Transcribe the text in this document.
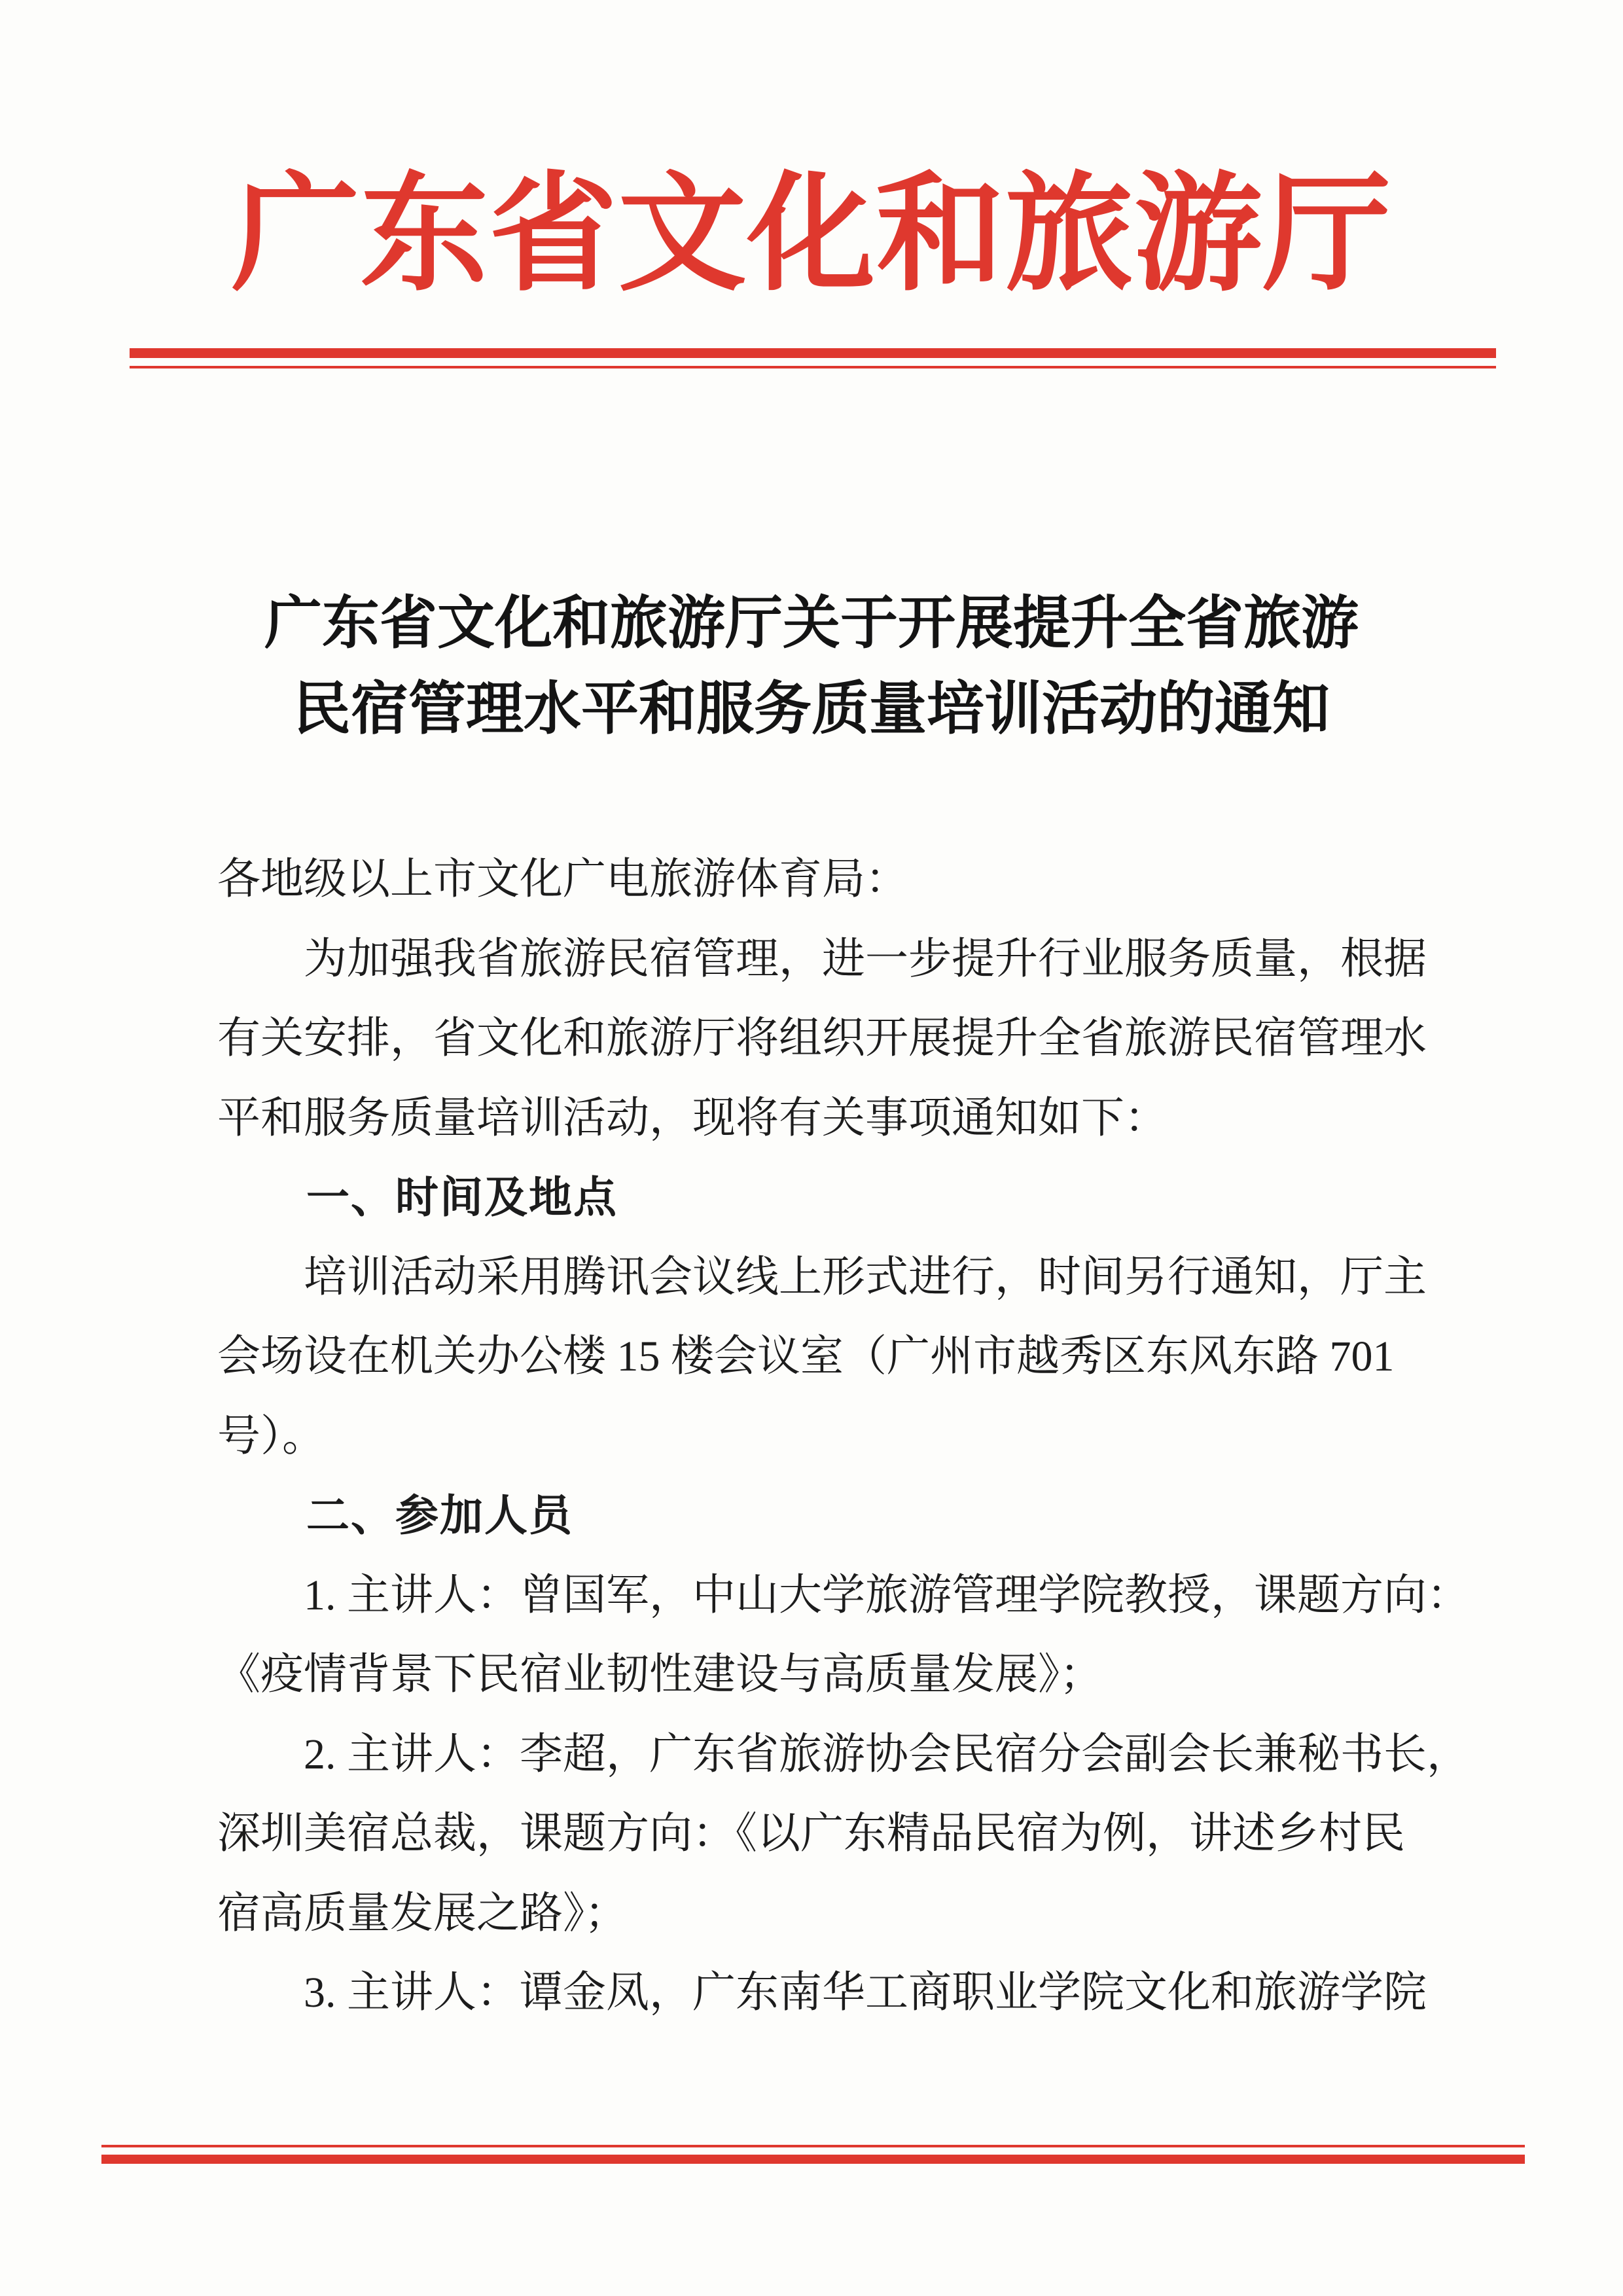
广东省文化和旅游厅
广东省文化和旅游厅关于开展提升全省旅游
民宿管理水平和服务质量培训活动的通知
各地级以上市文化广电旅游体育局：
　　为加强我省旅游民宿管理，进一步提升行业服务质量，根据
有关安排，省文化和旅游厅将组织开展提升全省旅游民宿管理水
平和服务质量培训活动，现将有关事项通知如下：
　　一、时间及地点
　　培训活动采用腾讯会议线上形式进行，时间另行通知，厅主
会场设在机关办公楼 15 楼会议室（广州市越秀区东风东路 701
号）。
　　二、参加人员
　　1. 主讲人：曾国军，中山大学旅游管理学院教授，课题方向：
《疫情背景下民宿业韧性建设与高质量发展》；
　　2. 主讲人：李超，广东省旅游协会民宿分会副会长兼秘书长，
深圳美宿总裁，课题方向：《以广东精品民宿为例，讲述乡村民
宿高质量发展之路》；
　　3. 主讲人：谭金凤，广东南华工商职业学院文化和旅游学院
